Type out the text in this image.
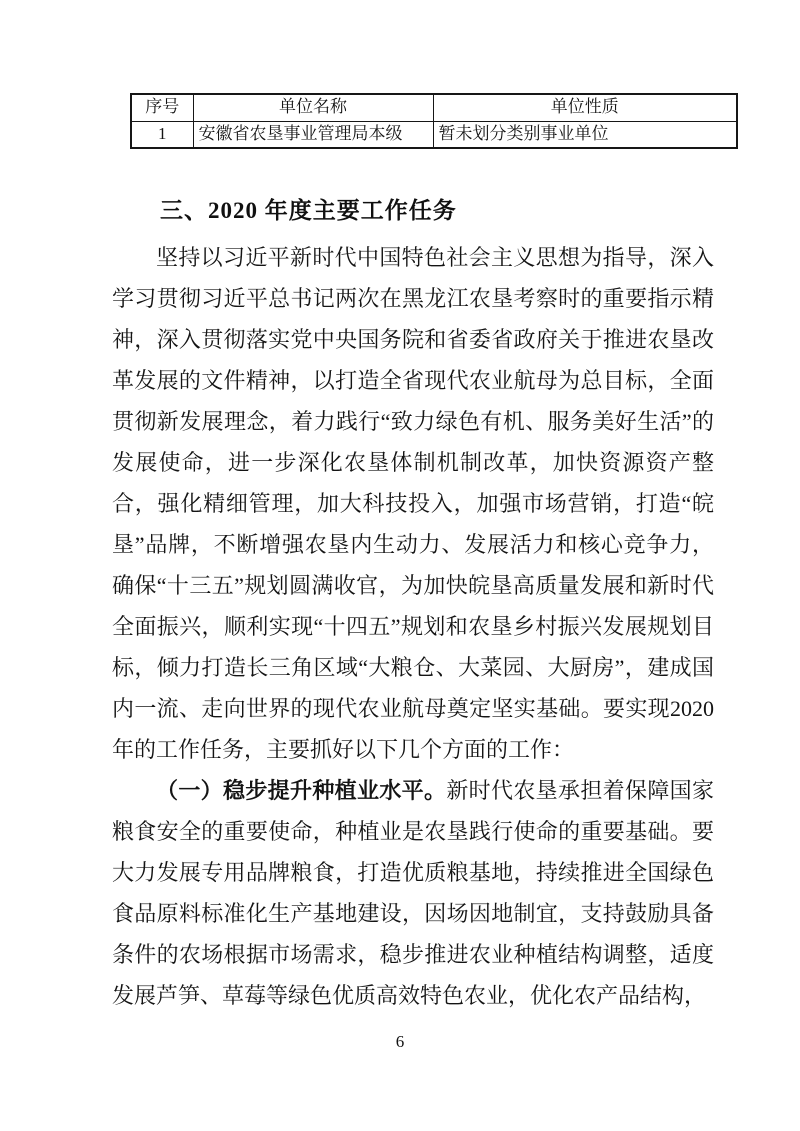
序号	单位名称	单位性质
1	安徽省农垦事业管理局本级	暂未划分类别事业单位
三、2020 年度主要工作任务

坚持以习近平新时代中国特色社会主义思想为指导，深入学习贯彻习近平总书记两次在黑龙江农垦考察时的重要指示精神，深入贯彻落实党中央国务院和省委省政府关于推进农垦改革发展的文件精神，以打造全省现代农业航母为总目标，全面贯彻新发展理念，着力践行“致力绿色有机、服务美好生活”的发展使命，进一步深化农垦体制机制改革，加快资源资产整合，强化精细管理，加大科技投入，加强市场营销，打造“皖垦”品牌，不断增强农垦内生动力、发展活力和核心竞争力，确保“十三五”规划圆满收官，为加快皖垦高质量发展和新时代全面振兴，顺利实现“十四五”规划和农垦乡村振兴发展规划目标，倾力打造长三角区域“大粮仓、大菜园、大厨房”，建成国内一流、走向世界的现代农业航母奠定坚实基础。要实现2020年的工作任务，主要抓好以下几个方面的工作：

（一）稳步提升种植业水平。新时代农垦承担着保障国家粮食安全的重要使命，种植业是农垦践行使命的重要基础。要大力发展专用品牌粮食，打造优质粮基地，持续推进全国绿色食品原料标准化生产基地建设，因场因地制宜，支持鼓励具备条件的农场根据市场需求，稳步推进农业种植结构调整，适度发展芦笋、草莓等绿色优质高效特色农业，优化农产品结构，

6
